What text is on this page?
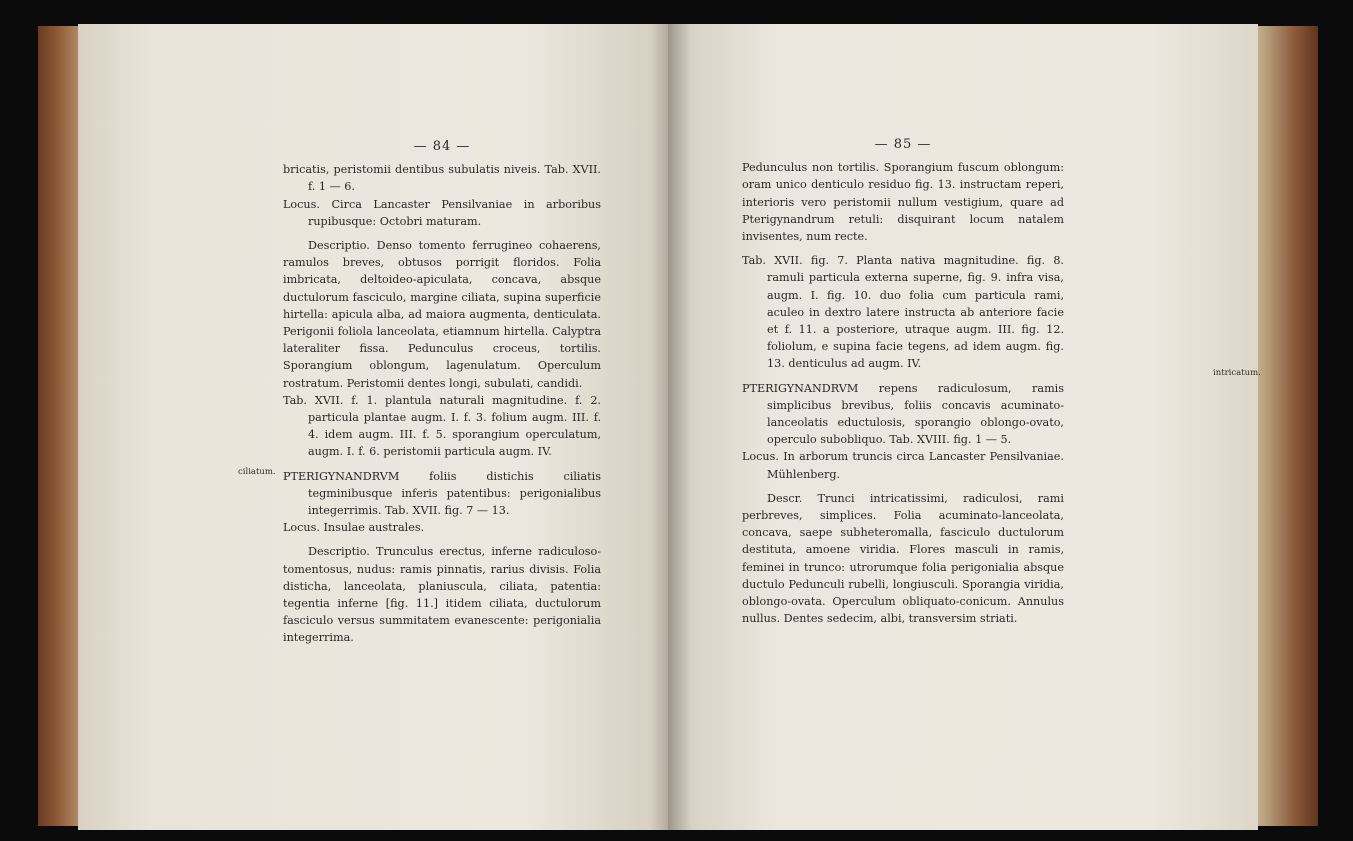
ciliatum.
— 84 —

bricatis, peristomii dentibus subulatis niveis. Tab. XVII. f. 1 — 6.

Locus. Circa Lancaster Pensilvaniae in arboribus rupibusque: Octobri maturam.

Descriptio. Denso tomento ferrugineo cohaerens, ramulos breves, obtusos porrigit floridos. Folia imbricata, deltoideo-apiculata, concava, absque ductulorum fasciculo, margine ciliata, supina superficie hirtella: apicula alba, ad maiora augmenta, denticulata. Perigonii foliola lanceolata, etiamnum hirtella. Calyptra lateraliter fissa. Pedunculus croceus, tortilis. Sporangium oblongum, lagenulatum. Operculum rostratum. Peristomii dentes longi, subulati, candidi.

Tab. XVII. f. 1. plantula naturali magnitudine. f. 2. particula plantae augm. I. f. 3. folium augm. III. f. 4. idem augm. III. f. 5. sporangium operculatum, augm. I. f. 6. peristomii particula augm. IV.

PTERIGYNANDRVM foliis distichis ciliatis tegminibusque inferis patentibus: perigonialibus integerrimis. Tab. XVII. fig. 7 — 13.

Locus. Insulae australes.

Descriptio. Trunculus erectus, inferne radiculoso-tomentosus, nudus: ramis pinnatis, rarius divisis. Folia disticha, lanceolata, planiuscula, ciliata, patentia: tegentia inferne [fig. 11.] itidem ciliata, ductulorum fasciculo versus summitatem evanescente: perigonialia integerrima.

intricatum.
— 85 —

Pedunculus non tortilis. Sporangium fuscum oblongum: oram unico denticulo residuo fig. 13. instructam reperi, interioris vero peristomii nullum vestigium, quare ad Pterigynandrum retuli: disquirant locum natalem invisentes, num recte.

Tab. XVII. fig. 7. Planta nativa magnitudine. fig. 8. ramuli particula externa superne, fig. 9. infra visa, augm. I. fig. 10. duo folia cum particula rami, aculeo in dextro latere instructa ab anteriore facie et f. 11. a posteriore, utraque augm. III. fig. 12. foliolum, e supina facie tegens, ad idem augm. fig. 13. denticulus ad augm. IV.

PTERIGYNANDRVM repens radiculosum, ramis simplicibus brevibus, foliis concavis acuminato-lanceolatis eductulosis, sporangio oblongo-ovato, operculo subobliquo. Tab. XVIII. fig. 1 — 5.

Locus. In arborum truncis circa Lancaster Pensilvaniae. Mühlenberg.

Descr. Trunci intricatissimi, radiculosi, rami perbreves, simplices. Folia acuminato-lanceolata, concava, saepe subheteromalla, fasciculo ductulorum destituta, amoene viridia. Flores masculi in ramis, feminei in trunco: utrorumque folia perigonialia absque ductulo Pedunculi rubelli, longiusculi. Sporangia viridia, oblongo-ovata. Operculum obliquato-conicum. Annulus nullus. Dentes sedecim, albi, transversim striati.
